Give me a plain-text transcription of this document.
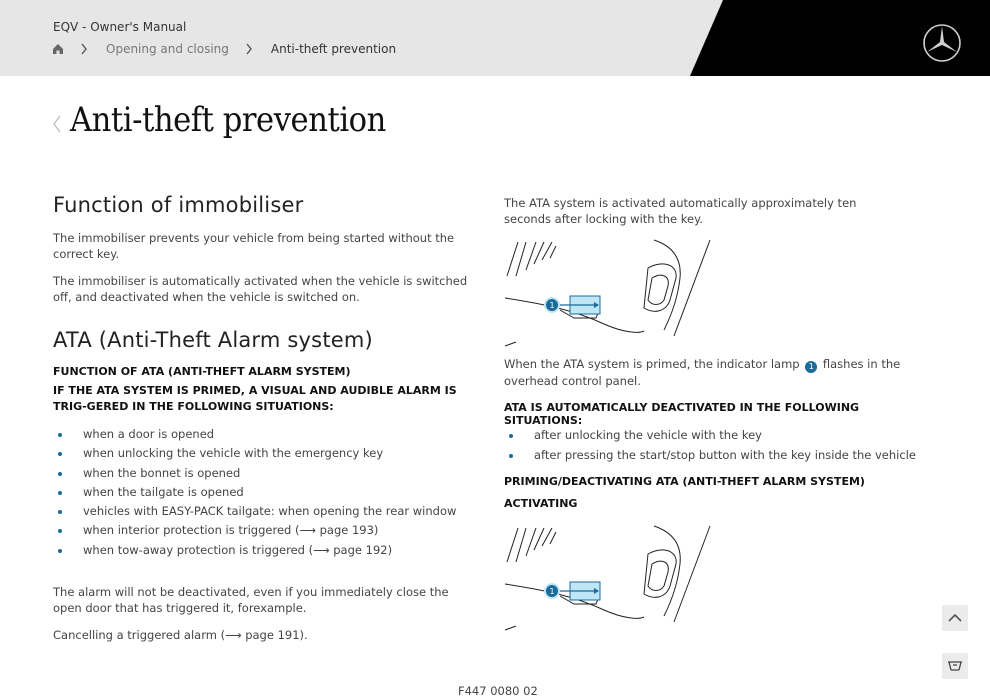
EQV - Owner's Manual
Opening and closing	Anti-theft prevention
Anti-theft prevention
Function of immobiliser
The immobiliser prevents your vehicle from being started without the correct key.
The immobiliser is automatically activated when the vehicle is switched off, and deactivated when the vehicle is switched on.
ATA (Anti-Theft Alarm system)
FUNCTION OF ATA (ANTI-THEFT ALARM SYSTEM)
IF THE ATA SYSTEM IS PRIMED, A VISUAL AND AUDIBLE ALARM IS TRIG-GERED IN THE FOLLOWING SITUATIONS:
when a door is opened
when unlocking the vehicle with the emergency key
when the bonnet is opened
when the tailgate is opened
vehicles with EASY-PACK tailgate: when opening the rear window
when interior protection is triggered (⟶ page 193)
when tow-away protection is triggered (⟶ page 192)
The alarm will not be deactivated, even if you immediately close the open door that has triggered it, forexample.
Cancelling a triggered alarm (⟶ page 191).
The ATA system is activated automatically approximately ten seconds after locking with the key.
1
When the ATA system is primed, the indicator lamp 1 flashes in the overhead control panel.
ATA IS AUTOMATICALLY DEACTIVATED IN THE FOLLOWING SITUATIONS:
after unlocking the vehicle with the key
after pressing the start/stop button with the key inside the vehicle
PRIMING/DEACTIVATING ATA (ANTI-THEFT ALARM SYSTEM)
ACTIVATING
1
F447 0080 02
